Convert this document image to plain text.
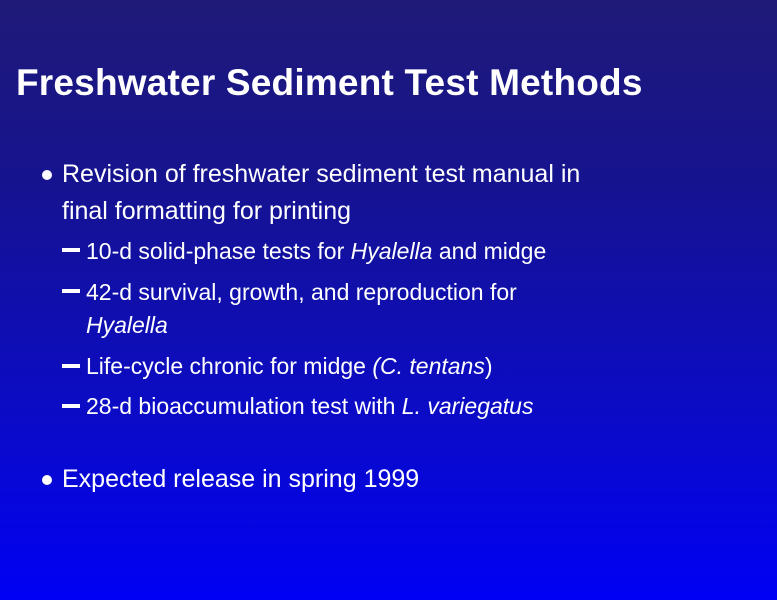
Freshwater Sediment Test Methods
Revision of freshwater sediment test manual in
final formatting for printing
10-d solid-phase tests for Hyalella and midge
42-d survival, growth, and reproduction for
Hyalella
Life-cycle chronic for midge (C. tentans)
28-d bioaccumulation test with L. variegatus
Expected release in spring 1999
